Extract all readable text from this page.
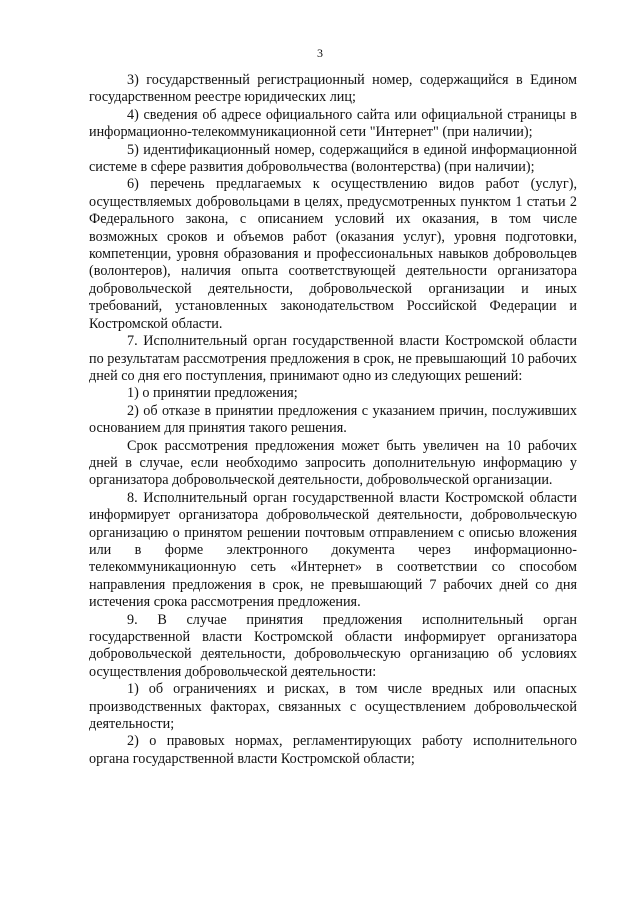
3

3) государственный регистрационный номер, содержащийся в Едином государственном реестре юридических лиц;

4) сведения об адресе официального сайта или официальной страницы в информационно-телекоммуникационной сети "Интернет" (при наличии);

5) идентификационный номер, содержащийся в единой информационной системе в сфере развития добровольчества (волонтерства) (при наличии);

6) перечень предлагаемых к осуществлению видов работ (услуг), осуществляемых добровольцами в целях, предусмотренных пунктом 1 статьи 2 Федерального закона, с описанием условий их оказания, в том числе возможных сроков и объемов работ (оказания услуг), уровня подготовки, компетенции, уровня образования и профессиональных навыков добровольцев (волонтеров), наличия опыта соответствующей деятельности организатора добровольческой деятельности, добровольческой организации и иных требований, установленных законодательством Российской Федерации и Костромской области.

7. Исполнительный орган государственной власти Костромской области по результатам рассмотрения предложения в срок, не превышающий 10 рабочих дней со дня его поступления, принимают одно из следующих решений:

1) о принятии предложения;

2) об отказе в принятии предложения с указанием причин, послуживших основанием для принятия такого решения.

Срок рассмотрения предложения может быть увеличен на 10 рабочих дней в случае, если необходимо запросить дополнительную информацию у организатора добровольческой деятельности, добровольческой организации.

8. Исполнительный орган государственной власти Костромской области информирует организатора добровольческой деятельности, добровольческую организацию о принятом решении почтовым отправлением с описью вложения или в форме электронного документа через информационно-телекоммуникационную сеть «Интернет» в соответствии со способом направления предложения в срок, не превышающий 7 рабочих дней со дня истечения срока рассмотрения предложения.

9. В случае принятия предложения исполнительный орган государственной власти Костромской области информирует организатора добровольческой деятельности, добровольческую организацию об условиях осуществления добровольческой деятельности:

1) об ограничениях и рисках, в том числе вредных или опасных производственных факторах, связанных с осуществлением добровольческой деятельности;

2) о правовых нормах, регламентирующих работу исполнительного органа государственной власти Костромской области;
